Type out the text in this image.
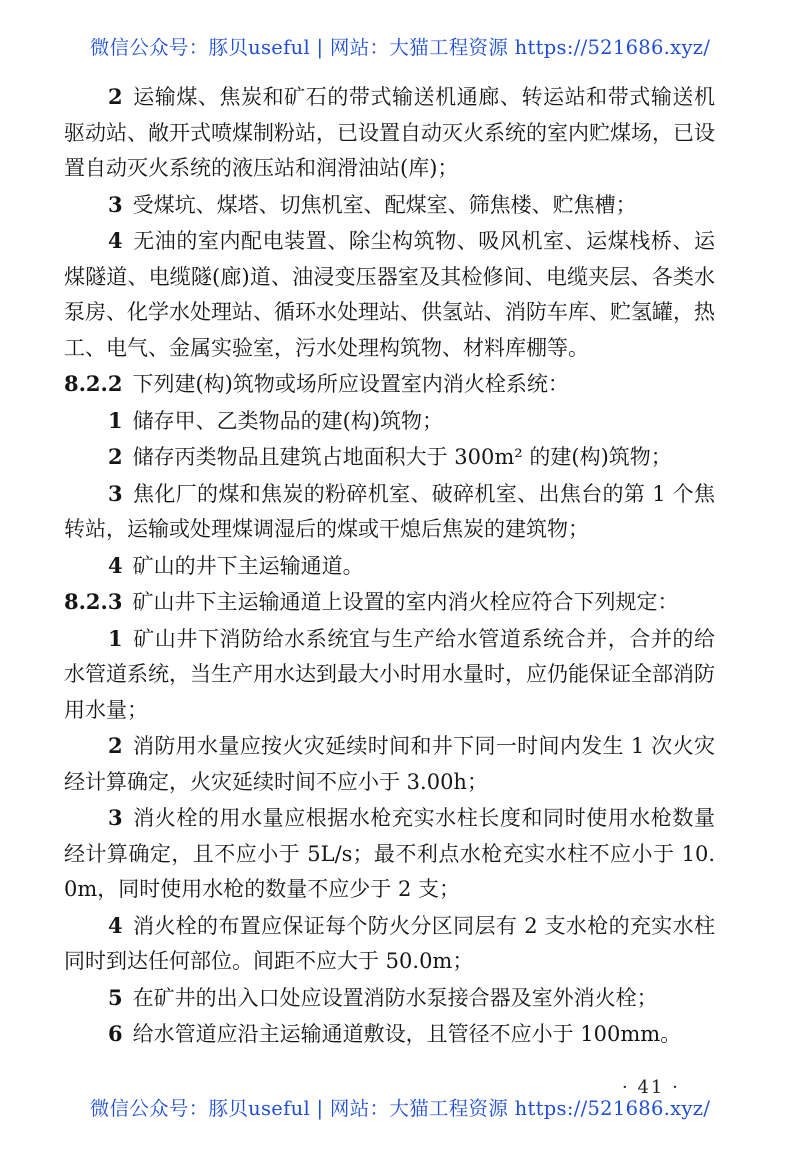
微信公众号：豚贝useful | 网站：大猫工程资源 https://521686.xyz/

2 运输煤、焦炭和矿石的带式输送机通廊、转运站和带式输送机驱动站、敞开式喷煤制粉站，已设置自动灭火系统的室内贮煤场，已设置自动灭火系统的液压站和润滑油站(库)；

3 受煤坑、煤塔、切焦机室、配煤室、筛焦楼、贮焦槽；

4 无油的室内配电装置、除尘构筑物、吸风机室、运煤栈桥、运煤隧道、电缆隧(廊)道、油浸变压器室及其检修间、电缆夹层、各类水泵房、化学水处理站、循环水处理站、供氢站、消防车库、贮氢罐，热工、电气、金属实验室，污水处理构筑物、材料库棚等。

8.2.2 下列建(构)筑物或场所应设置室内消火栓系统：

1 储存甲、乙类物品的建(构)筑物；

2 储存丙类物品且建筑占地面积大于 300m² 的建(构)筑物；

3 焦化厂的煤和焦炭的粉碎机室、破碎机室、出焦台的第 1 个焦转站，运输或处理煤调湿后的煤或干熄后焦炭的建筑物；

4 矿山的井下主运输通道。

8.2.3 矿山井下主运输通道上设置的室内消火栓应符合下列规定：

1 矿山井下消防给水系统宜与生产给水管道系统合并，合并的给水管道系统，当生产用水达到最大小时用水量时，应仍能保证全部消防用水量；

2 消防用水量应按火灾延续时间和井下同一时间内发生 1 次火灾经计算确定，火灾延续时间不应小于 3.00h；

3 消火栓的用水量应根据水枪充实水柱长度和同时使用水枪数量经计算确定，且不应小于 5L/s；最不利点水枪充实水柱不应小于 10.0m，同时使用水枪的数量不应少于 2 支；

4 消火栓的布置应保证每个防火分区同层有 2 支水枪的充实水柱同时到达任何部位。间距不应大于 50.0m；

5 在矿井的出入口处应设置消防水泵接合器及室外消火栓；

6 给水管道应沿主运输通道敷设，且管径不应小于 100mm。

· 41 ·
微信公众号：豚贝useful | 网站：大猫工程资源 https://521686.xyz/
